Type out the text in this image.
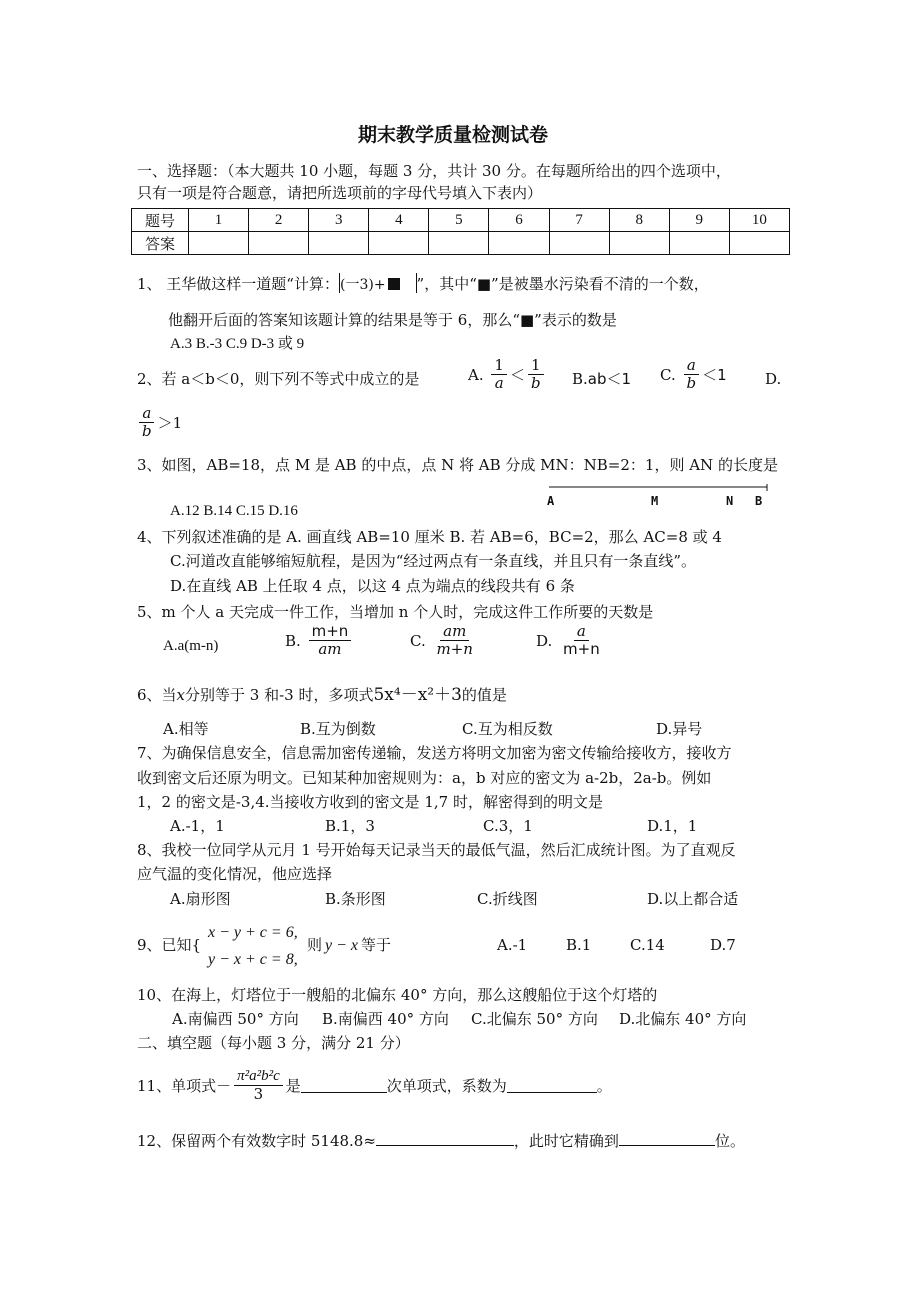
期末教学质量检测试卷
一、选择题：（本大题共 10 小题，每题 3 分，共计 30 分。在每题所给出的四个选项中，
只有一项是符合题意，请把所选项前的字母代号填入下表内）
题号	1	2	3	4	5	6	7	8	9	10
答案										
1、 王华做这样一道题“计算：(一3)+ ”，其中“■”是被墨水污染看不清的一个数，
他翻开后面的答案知该题计算的结果是等于 6，那么“■”表示的数是
A.3 B.-3 C.9 D-3 或 9
2、若 a＜b＜0，则下列不等式中成立的是	A. $\frac{1}{a} < \frac{1}{b} B.ab<1$ C. $\frac{a}{b} <1$	D.
$\frac{a}{b} >1$
3、如图，AB=18，点 M 是 AB 的中点，点 N 将 AB 分成 MN：NB=2：1，则 AN 的长度是
A.12 B.14 C.15 D.16
A	M	N B
4、下列叙述准确的是 A. 画直线 AB=10 厘米 B. 若 AB=6，BC=2，那么 AC=8 或 4
C.河道改直能够缩短航程，是因为“经过两点有一条直线，并且只有一条直线”。
D.在直线 AB 上任取 4 点，以这 4 点为端点的线段共有 6 条
5、m 个人 a 天完成一件工作，当增加 n 个人时，完成这件工作所要的天数是
A.a(m-n)	B. $\frac{m+n}{am}$	C. $\frac{am}{m+n}$	D. $\frac{a}{m+n}$
6、当x分别等于 3 和-3 时，多项式5x⁴－x²＋3的值是
A.相等	B.互为倒数	C.互为相反数	D.异号
7、为确保信息安全，信息需加密传递输，发送方将明文加密为密文传输给接收方，接收方
收到密文后还原为明文。已知某种加密规则为：a，b 对应的密文为 a-2b，2a-b。例如
1，2 的密文是-3,4.当接收方收到的密文是 1,7 时，解密得到的明文是
A.-1，1	B.1，3	C.3，1	D.1，1
8、我校一位同学从元月 1 号开始每天记录当天的最低气温，然后汇成统计图。为了直观反
应气温的变化情况，他应选择
A.扇形图	B.条形图	C.折线图	D.以上都合适
9、已知{
x − y + c = 6,
y − x + c = 8,
则 y − x 等于	A.-1	B.1	C.14	D.7
10、在海上，灯塔位于一艘船的北偏东 40° 方向，那么这艘船位于这个灯塔的
A.南偏西 50° 方向 B.南偏西 40° 方向 C.北偏东 50° 方向 D.北偏东 40° 方向
二、填空题（每小题 3 分，满分 21 分）
11、单项式－ $\frac{\text{π²a²b²c}}{3}$ 是	次单项式，系数为	。
12、保留两个有效数字时 5148.8≈	，此时它精确到	位。
